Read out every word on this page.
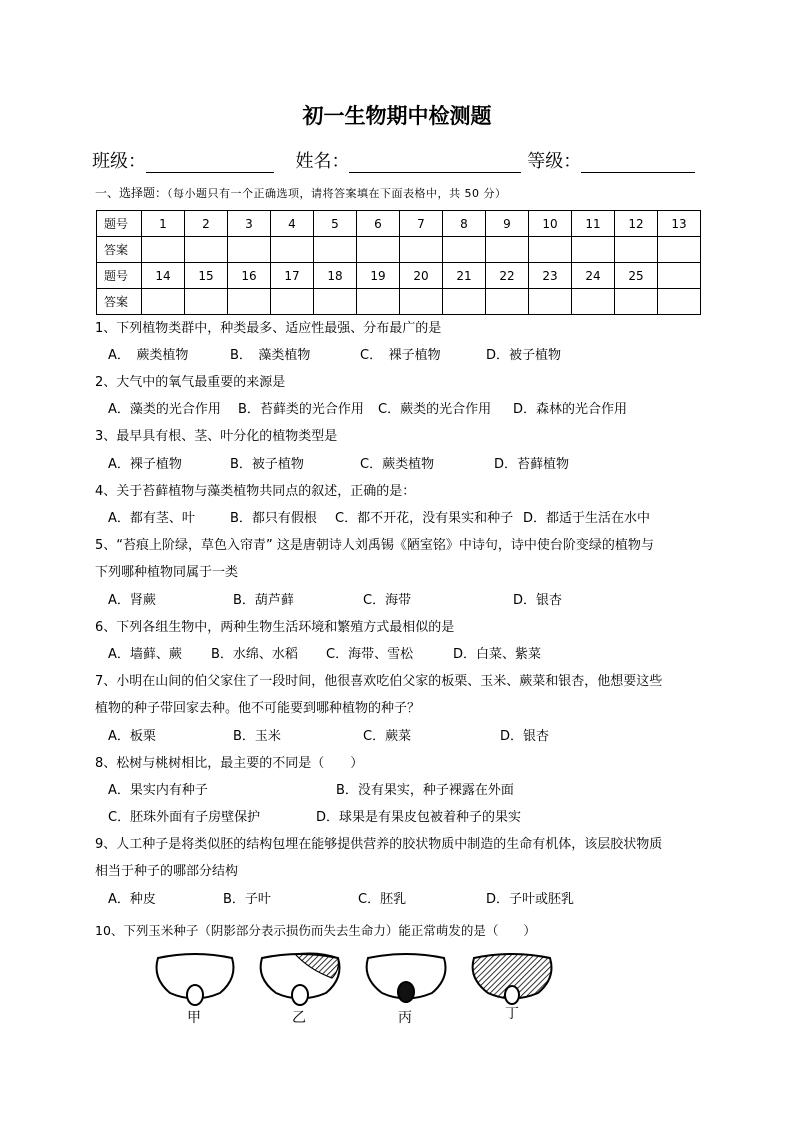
初一生物期中检测题
班级：	姓名：	等级：
一、选择题：（每小题只有一个正确选项，请将答案填在下面表格中，共 50 分）
题号	1	2	3	4	5	6	7	8	9	10	11	12	13
答案													
题号	14	15	16	17	18	19	20	21	22	23	24	25	
答案													
1、下列植物类群中，种类最多、适应性最强、分布最广的是
A．　蕨类植物	B．　藻类植物	C．　裸子植物	D．被子植物
2、大气中的氧气最重要的来源是
A．藻类的光合作用 B．苔藓类的光合作用 C．蕨类的光合作用 D．森林的光合作用
3、最早具有根、茎、叶分化的植物类型是
A．裸子植物	B．被子植物	C．蕨类植物	D．苔藓植物
4、关于苔藓植物与藻类植物共同点的叙述，正确的是：
A．都有茎、叶	B．都只有假根 C．都不开花，没有果实和种子 D．都适于生活在水中
5、“苔痕上阶绿，草色入帘青” 这是唐朝诗人刘禹锡《陋室铭》中诗句，诗中使台阶变绿的植物与
下列哪种植物同属于一类
A．肾蕨	B．葫芦藓	C．海带	D．银杏
6、下列各组生物中，两种生物生活环境和繁殖方式最相似的是
A．墙藓、蕨 B．水绵、水稻 C．海带、雪松	D．白菜、紫菜
7、小明在山间的伯父家住了一段时间，他很喜欢吃伯父家的板栗、玉米、蕨菜和银杏，他想要这些
植物的种子带回家去种。他不可能要到哪种植物的种子？
A．板栗	B．玉米	C．蕨菜	D．银杏
8、松树与桃树相比，最主要的不同是（　　）
A．果实内有种子	B．没有果实，种子裸露在外面
C．胚珠外面有子房壁保护	D．球果是有果皮包被着种子的果实
9、人工种子是将类似胚的结构包埋在能够提供营养的胶状物质中制造的生命有机体，该层胶状物质
相当于种子的哪部分结构
A．种皮	B．子叶	C．胚乳	D．子叶或胚乳
10、下列玉米种子（阴影部分表示损伤而失去生命力）能正常萌发的是（　　）
甲	乙	丙	丁
